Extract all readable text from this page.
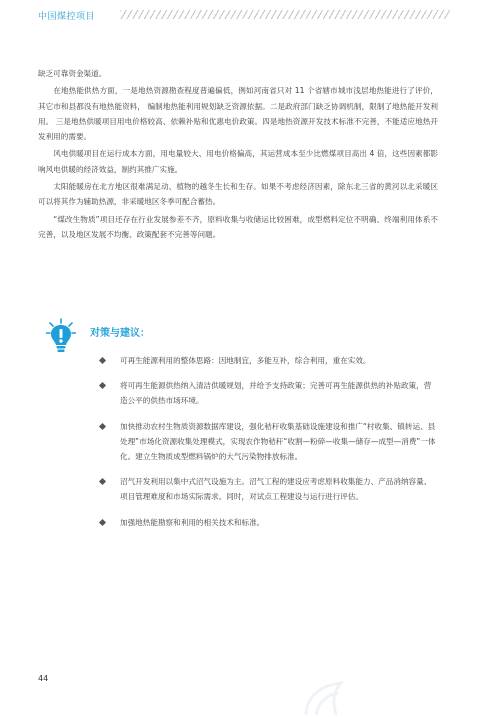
中国煤控项目

缺乏可靠资金渠道。

在地热能供热方面，一是地热资源勘查程度普遍偏低，例如河南省只对 11 个省辖市城市浅层地热能进行了评价， 其它市和县都没有地热能资料， 编制地热能利用规划缺乏资源依据。二是政府部门缺乏协调机制，限制了地热能开发利用。 三是地热供暖项目用电价格较高、依赖补贴和优惠电价政策。四是地热资源开发技术标准不完善，不能适应地热开发利用的需要。

风电供暖项目在运行成本方面，用电量较大、用电价格偏高，其运营成本至少比燃煤项目高出 4 倍，这些因素都影响风电供暖的经济效益，制约其推广实施。

太阳能暖房在北方地区很难满足动、植物的越冬生长和生存。如果不考虑经济因素，除东北三省的黄河以北采暖区可以将其作为辅助热源，非采暖地区冬季可配合蓄热。

“煤改生物质”项目还存在行业发展参差不齐，原料收集与收储运比较困难，成型燃料定位不明确、终端利用体系不完善，以及地区发展不均衡、政策配套不完善等问题。

对策与建议：
可再生能源利用的整体思路：因地制宜，多能互补，综合利用，重在实效。
将可再生能源供热纳入清洁供暖规划，并给予支持政策；完善可再生能源供热的补贴政策，营造公平的供热市场环境。
加快推动农村生物质资源数据库建设，强化秸秆收集基础设施建设和推广“村收集、镇转运、县处理”市场化资源收集处理模式，实现农作物秸秆“收割—粉碎—收集—储存—成型—消费”一体化。建立生物质成型燃料锅炉的大气污染物排放标准。
沼气开发利用以集中式沼气设施为主。沼气工程的建设应考虑原料收集能力、产品消纳容量、项目管理难度和市场实际需求。同时，对试点工程建设与运行进行评估。
加强地热能勘察和利用的相关技术和标准。
44
